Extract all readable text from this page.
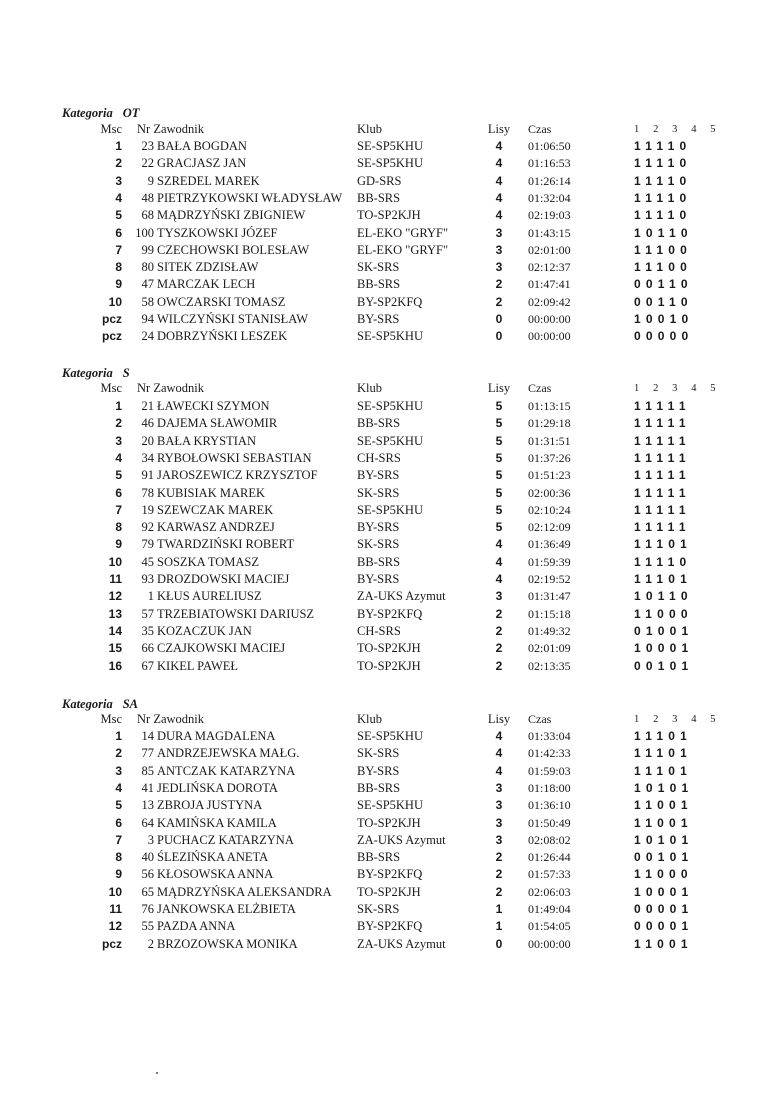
Kategoria OT
Msc Nr Zawodnik	Klub	Lisy	Czas	1 2 3 4 5
1	23 BAŁA BOGDAN	SE-SP5KHU	4	01:06:50	11110
2	22 GRACJASZ JAN	SE-SP5KHU	4	01:16:53	11110
3	9 SZREDEL MAREK	GD-SRS	4	01:26:14	11110
4	48 PIETRZYKOWSKI WŁADYSŁAW	BB-SRS	4	01:32:04	11110
5	68 MĄDRZYŃSKI ZBIGNIEW	TO-SP2KJH	4	02:19:03	11110
6	100 TYSZKOWSKI JÓZEF	EL-EKO "GRYF"	3	01:43:15	10110
7	99 CZECHOWSKI BOLESŁAW	EL-EKO "GRYF"	3	02:01:00	11100
8	80 SITEK ZDZISŁAW	SK-SRS	3	02:12:37	11100
9	47 MARCZAK LECH	BB-SRS	2	01:47:41	00110
10	58 OWCZARSKI TOMASZ	BY-SP2KFQ	2	02:09:42	00110
pcz	94 WILCZYŃSKI STANISŁAW	BY-SRS	0	00:00:00	10010
pcz	24 DOBRZYŃSKI LESZEK	SE-SP5KHU	0	00:00:00	00000
Kategoria S
Msc Nr Zawodnik	Klub	Lisy	Czas	1 2 3 4 5
1	21 ŁAWECKI SZYMON	SE-SP5KHU	5	01:13:15	11111
2	46 DAJEMA SŁAWOMIR	BB-SRS	5	01:29:18	11111
3	20 BAŁA KRYSTIAN	SE-SP5KHU	5	01:31:51	11111
4	34 RYBOŁOWSKI SEBASTIAN	CH-SRS	5	01:37:26	11111
5	91 JAROSZEWICZ KRZYSZTOF	BY-SRS	5	01:51:23	11111
6	78 KUBISIAK MAREK	SK-SRS	5	02:00:36	11111
7	19 SZEWCZAK MAREK	SE-SP5KHU	5	02:10:24	11111
8	92 KARWASZ ANDRZEJ	BY-SRS	5	02:12:09	11111
9	79 TWARDZIŃSKI ROBERT	SK-SRS	4	01:36:49	11101
10	45 SOSZKA TOMASZ	BB-SRS	4	01:59:39	11110
11	93 DROZDOWSKI MACIEJ	BY-SRS	4	02:19:52	11101
12	1 KŁUS AURELIUSZ	ZA-UKS Azymut	3	01:31:47	10110
13	57 TRZEBIATOWSKI DARIUSZ	BY-SP2KFQ	2	01:15:18	11000
14	35 KOZACZUK JAN	CH-SRS	2	01:49:32	01001
15	66 CZAJKOWSKI MACIEJ	TO-SP2KJH	2	02:01:09	10001
16	67 KIKEL PAWEŁ	TO-SP2KJH	2	02:13:35	00101
Kategoria SA
Msc Nr Zawodnik	Klub	Lisy	Czas	1 2 3 4 5
1	14 DURA MAGDALENA	SE-SP5KHU	4	01:33:04	11101
2	77 ANDRZEJEWSKA MAŁG.	SK-SRS	4	01:42:33	11101
3	85 ANTCZAK KATARZYNA	BY-SRS	4	01:59:03	11101
4	41 JEDLIŃSKA DOROTA	BB-SRS	3	01:18:00	10101
5	13 ZBROJA JUSTYNA	SE-SP5KHU	3	01:36:10	11001
6	64 KAMIŃSKA KAMILA	TO-SP2KJH	3	01:50:49	11001
7	3 PUCHACZ KATARZYNA	ZA-UKS Azymut	3	02:08:02	10101
8	40 ŚLEZIŃSKA ANETA	BB-SRS	2	01:26:44	00101
9	56 KŁOSOWSKA ANNA	BY-SP2KFQ	2	01:57:33	11000
10	65 MĄDRZYŃSKA ALEKSANDRA	TO-SP2KJH	2	02:06:03	10001
11	76 JANKOWSKA ELŻBIETA	SK-SRS	1	01:49:04	00001
12	55 PAZDA ANNA	BY-SP2KFQ	1	01:54:05	00001
pcz	2 BRZOZOWSKA MONIKA	ZA-UKS Azymut	0	00:00:00	11001
